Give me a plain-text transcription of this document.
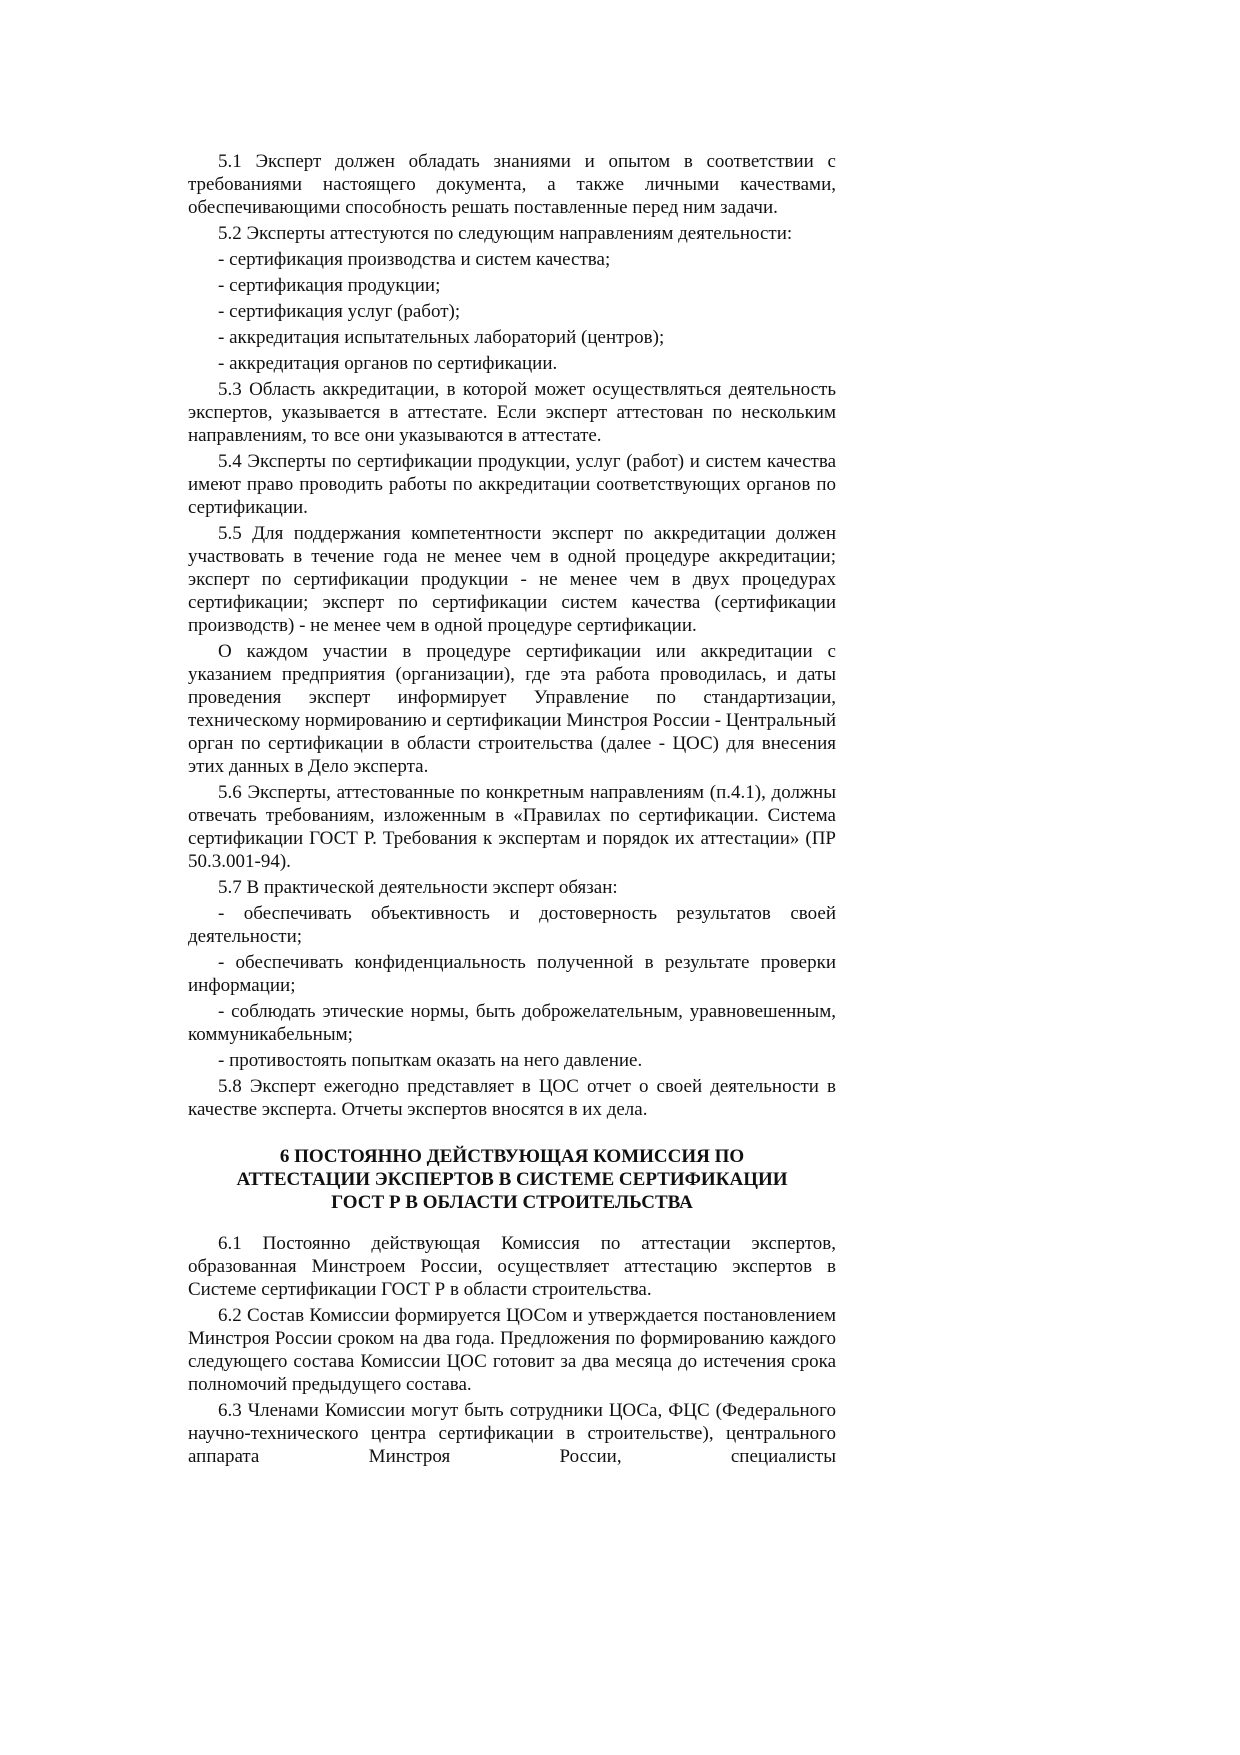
5.1 Эксперт должен обладать знаниями и опытом в соответствии с требованиями настоящего документа, а также личными качествами, обеспечивающими способность решать поставленные перед ним задачи.

5.2 Эксперты аттестуются по следующим направлениям деятельности:

- сертификация производства и систем качества;

- сертификация продукции;

- сертификация услуг (работ);

- аккредитация испытательных лабораторий (центров);

- аккредитация органов по сертификации.

5.3 Область аккредитации, в которой может осуществляться деятельность экспертов, указывается в аттестате. Если эксперт аттестован по нескольким направлениям, то все они указываются в аттестате.

5.4 Эксперты по сертификации продукции, услуг (работ) и систем качества имеют право проводить работы по аккредитации соответствующих органов по сертификации.

5.5 Для поддержания компетентности эксперт по аккредитации должен участвовать в течение года не менее чем в одной процедуре аккредитации; эксперт по сертификации продукции - не менее чем в двух процедурах сертификации; эксперт по сертификации систем качества (сертификации производств) - не менее чем в одной процедуре сертификации.

О каждом участии в процедуре сертификации или аккредитации с указанием предприятия (организации), где эта работа проводилась, и даты проведения эксперт информирует Управление по стандартизации, техническому нормированию и сертификации Минстроя России - Центральный орган по сертификации в области строительства (далее - ЦОС) для внесения этих данных в Дело эксперта.

5.6 Эксперты, аттестованные по конкретным направлениям (п.4.1), должны отвечать требованиям, изложенным в «Правилах по сертификации. Система сертификации ГОСТ Р. Требования к экспертам и порядок их аттестации» (ПР 50.3.001-94).

5.7 В практической деятельности эксперт обязан:

- обеспечивать объективность и достоверность результатов своей деятельности;

- обеспечивать конфиденциальность полученной в результате проверки информации;

- соблюдать этические нормы, быть доброжелательным, уравновешенным, коммуникабельным;

- противостоять попыткам оказать на него давление.

5.8 Эксперт ежегодно представляет в ЦОС отчет о своей деятельности в качестве эксперта. Отчеты экспертов вносятся в их дела.

6 ПОСТОЯННО ДЕЙСТВУЮЩАЯ КОМИССИЯ ПО
АТТЕСТАЦИИ ЭКСПЕРТОВ В СИСТЕМЕ СЕРТИФИКАЦИИ
ГОСТ Р В ОБЛАСТИ СТРОИТЕЛЬСТВА

6.1 Постоянно действующая Комиссия по аттестации экспертов, образованная Минстроем России, осуществляет аттестацию экспертов в Системе сертификации ГОСТ Р в области строительства.

6.2 Состав Комиссии формируется ЦОСом и утверждается постановлением Минстроя России сроком на два года. Предложения по формированию каждого следующего состава Комиссии ЦОС готовит за два месяца до истечения срока полномочий предыдущего состава.

6.3 Членами Комиссии могут быть сотрудники ЦОСа, ФЦС (Федерального научно-технического центра сертификации в строительстве), центрального аппарата Минстроя России, специалисты
